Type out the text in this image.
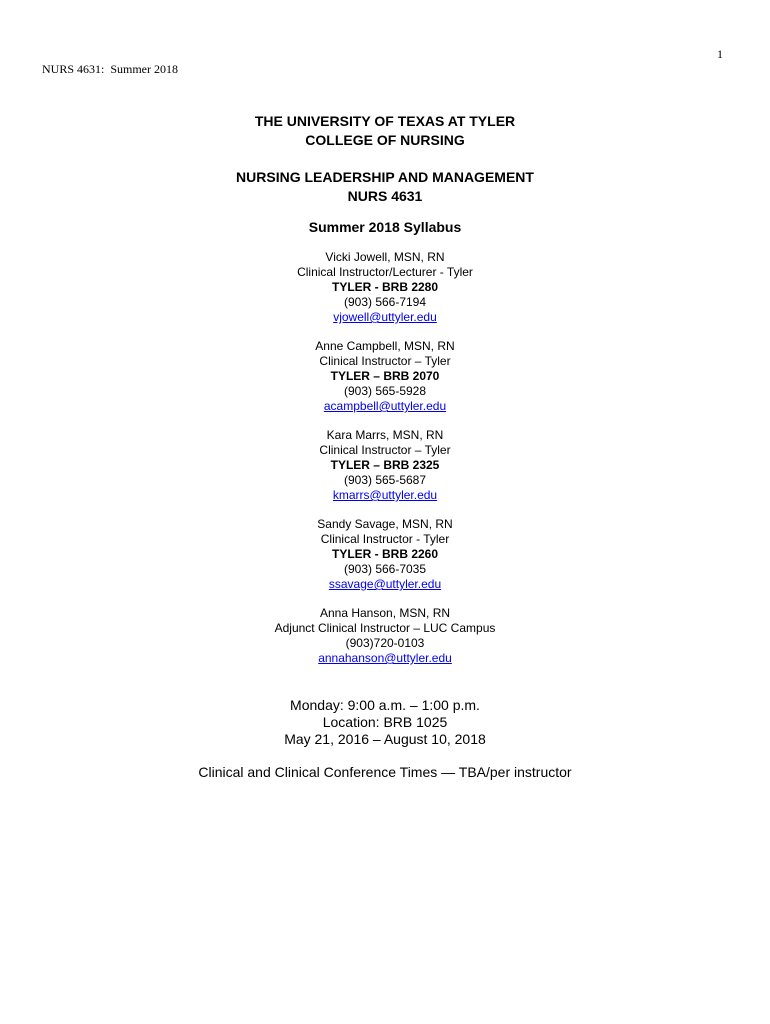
1
NURS 4631:  Summer 2018
THE UNIVERSITY OF TEXAS AT TYLER
COLLEGE OF NURSING
NURSING LEADERSHIP AND MANAGEMENT
NURS 4631
Summer 2018 Syllabus
Vicki Jowell, MSN, RN
Clinical Instructor/Lecturer - Tyler
TYLER - BRB 2280
(903) 566-7194
vjowell@uttyler.edu
Anne Campbell, MSN, RN
Clinical Instructor – Tyler
TYLER – BRB 2070
(903) 565-5928
acampbell@uttyler.edu
Kara Marrs, MSN, RN
Clinical Instructor – Tyler
TYLER – BRB 2325
(903) 565-5687
kmarrs@uttyler.edu
Sandy Savage, MSN, RN
Clinical Instructor - Tyler
TYLER - BRB 2260
(903) 566-7035
ssavage@uttyler.edu
Anna Hanson, MSN, RN
Adjunct Clinical Instructor – LUC Campus
(903)720-0103
annahanson@uttyler.edu
Monday: 9:00 a.m. – 1:00 p.m.
Location: BRB 1025
May 21, 2016 – August 10, 2018
Clinical and Clinical Conference Times — TBA/per instructor
